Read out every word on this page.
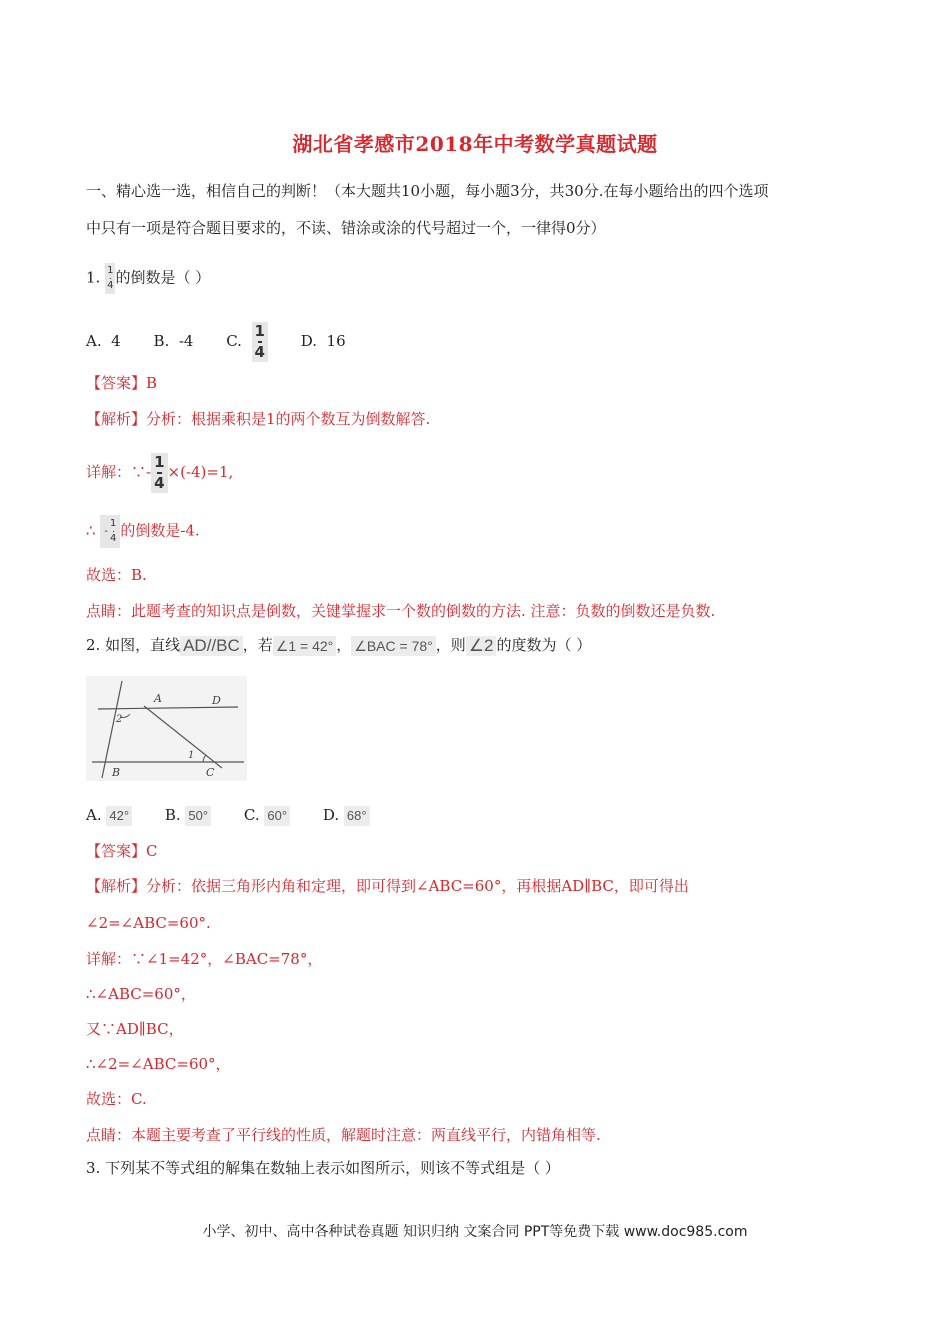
湖北省孝感市2018年中考数学真题试题
一、精心选一选，相信自己的判断！（本大题共10小题，每小题3分，共30分.在每小题给出的四个选项
中只有一项是符合题目要求的，不读、错涂或涂的代号超过一个，一律得0分）
1. $\frac{1}{4}$ 的倒数是（ ）
A. 4 B. -4 C. $\frac{1}{4} D$. 16
【答案】B
【解析】分析：根据乘积是1的两个数互为倒数解答.
详解：∵- $\frac{1}{4} \times(-4)=1$,
∴ - $\frac{1}{4}$ 的倒数是-4.
故选：B.
点睛：此题考查的知识点是倒数，关键掌握求一个数的倒数的方法. 注意：负数的倒数还是负数.
2. 如图，直线 AD//BC ，若 ∠1 = 42° ， ∠BAC = 78° ，则 ∠2 的度数为（ ）
A	D
B	C
1
2
A. 42° B. 50° C. 60° D. 68°
【答案】C
【解析】分析：依据三角形内角和定理，即可得到∠ABC=60°，再根据AD∥BC，即可得出
∠2=∠ABC=60°.
详解：∵∠1=42°，∠BAC=78°，
∴∠ABC=60°，
又∵AD∥BC，
∴∠2=∠ABC=60°，
故选：C.
点睛：本题主要考查了平行线的性质，解题时注意：两直线平行，内错角相等.
3. 下列某不等式组的解集在数轴上表示如图所示，则该不等式组是（ ）
小学、初中、高中各种试卷真题 知识归纳 文案合同 PPT等免费下载 www.doc985.com
